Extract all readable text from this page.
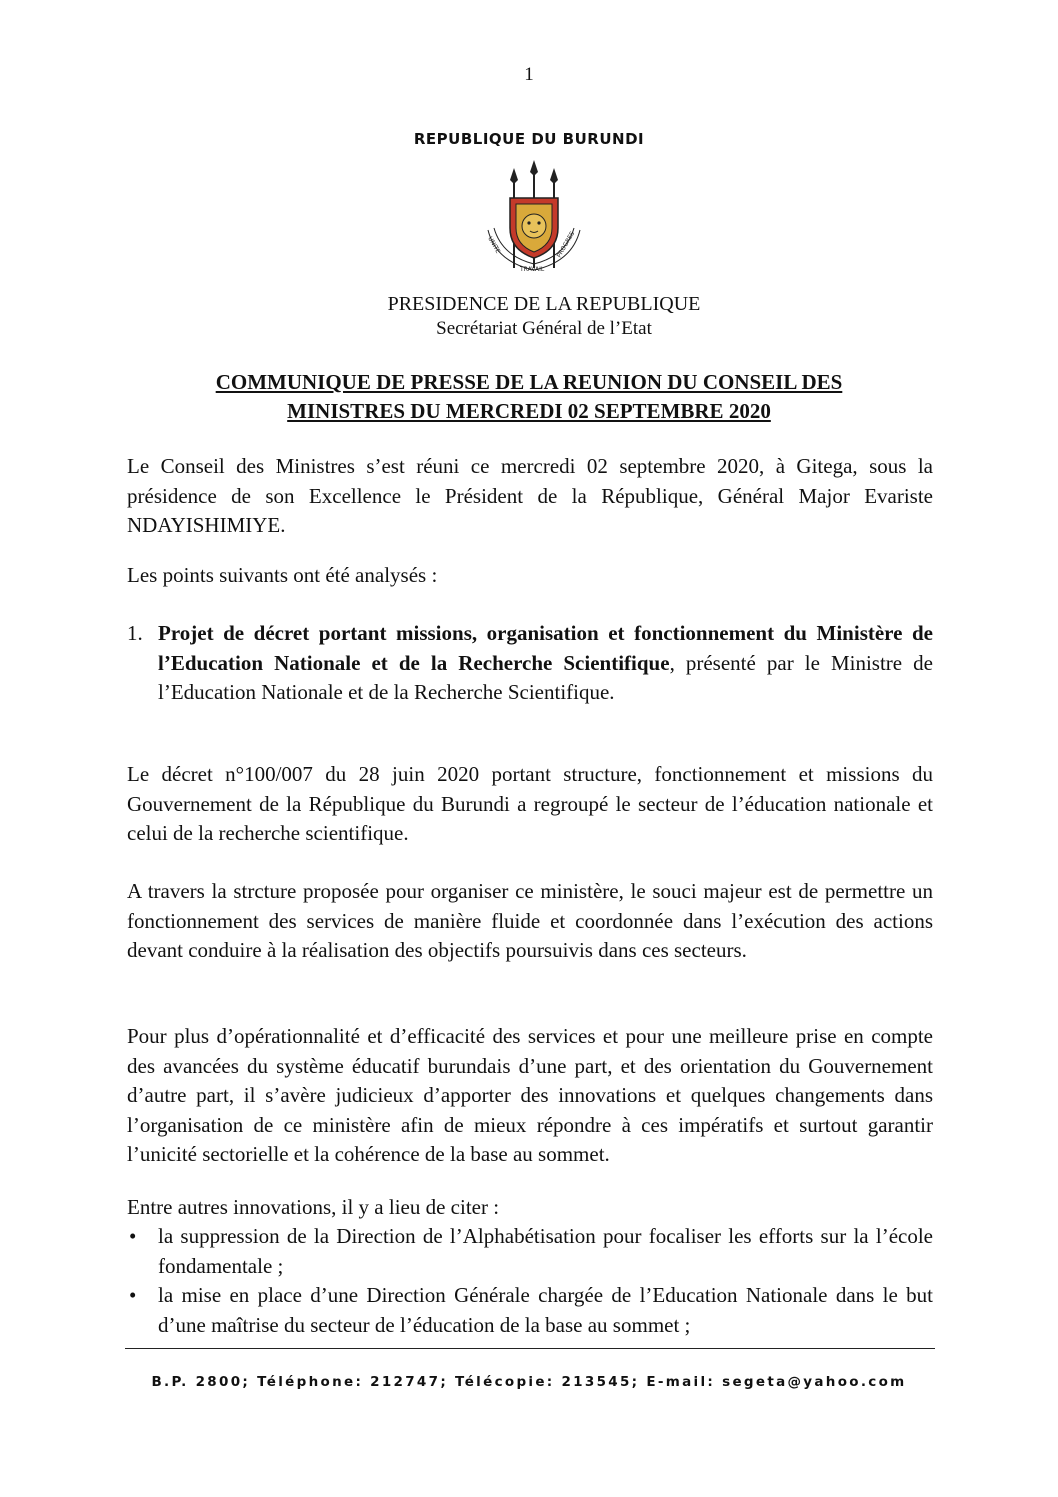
1
REPUBLIQUE DU BURUNDI
UNITE
TRAVAIL
PROGRES
PRESIDENCE DE LA REPUBLIQUE
Secrétariat Général de l’Etat
COMMUNIQUE DE PRESSE DE LA REUNION DU CONSEIL DES
MINISTRES DU MERCREDI 02 SEPTEMBRE 2020

Le Conseil des Ministres s’est réuni ce mercredi 02 septembre 2020, à Gitega, sous la présidence de son Excellence le Président de la République, Général Major Evariste NDAYISHIMIYE.

Les points suivants ont été analysés :

1. Projet de décret portant missions, organisation et fonctionnement du Ministère de l’Education Nationale et de la Recherche Scientifique, présenté par le Ministre de l’Education Nationale et de la Recherche Scientifique.

Le décret n°100/007 du 28 juin 2020 portant structure, fonctionnement et missions du Gouvernement de la République du Burundi a regroupé le secteur de l’éducation nationale et celui de la recherche scientifique.

A travers la strcture proposée pour organiser ce ministère, le souci majeur est de permettre un fonctionnement des services de manière fluide et coordonnée dans l’exécution des actions devant conduire à la réalisation des objectifs poursuivis dans ces secteurs.

Pour plus d’opérationnalité et d’efficacité des services et pour une meilleure prise en compte des avancées du système éducatif burundais d’une part, et des orientation du Gouvernement d’autre part, il s’avère judicieux d’apporter des innovations et quelques changements dans l’organisation de ce ministère afin de mieux répondre à ces impératifs et surtout garantir l’unicité sectorielle et la cohérence de la base au sommet.

Entre autres innovations, il y a lieu de citer :

• la suppression de la Direction de l’Alphabétisation pour focaliser les efforts sur la l’école fondamentale ;
• la mise en place d’une Direction Générale chargée de l’Education Nationale dans le but d’une maîtrise du secteur de l’éducation de la base au sommet ;
B.P. 2800; Téléphone: 212747; Télécopie: 213545; E-mail: segeta@yahoo.com
